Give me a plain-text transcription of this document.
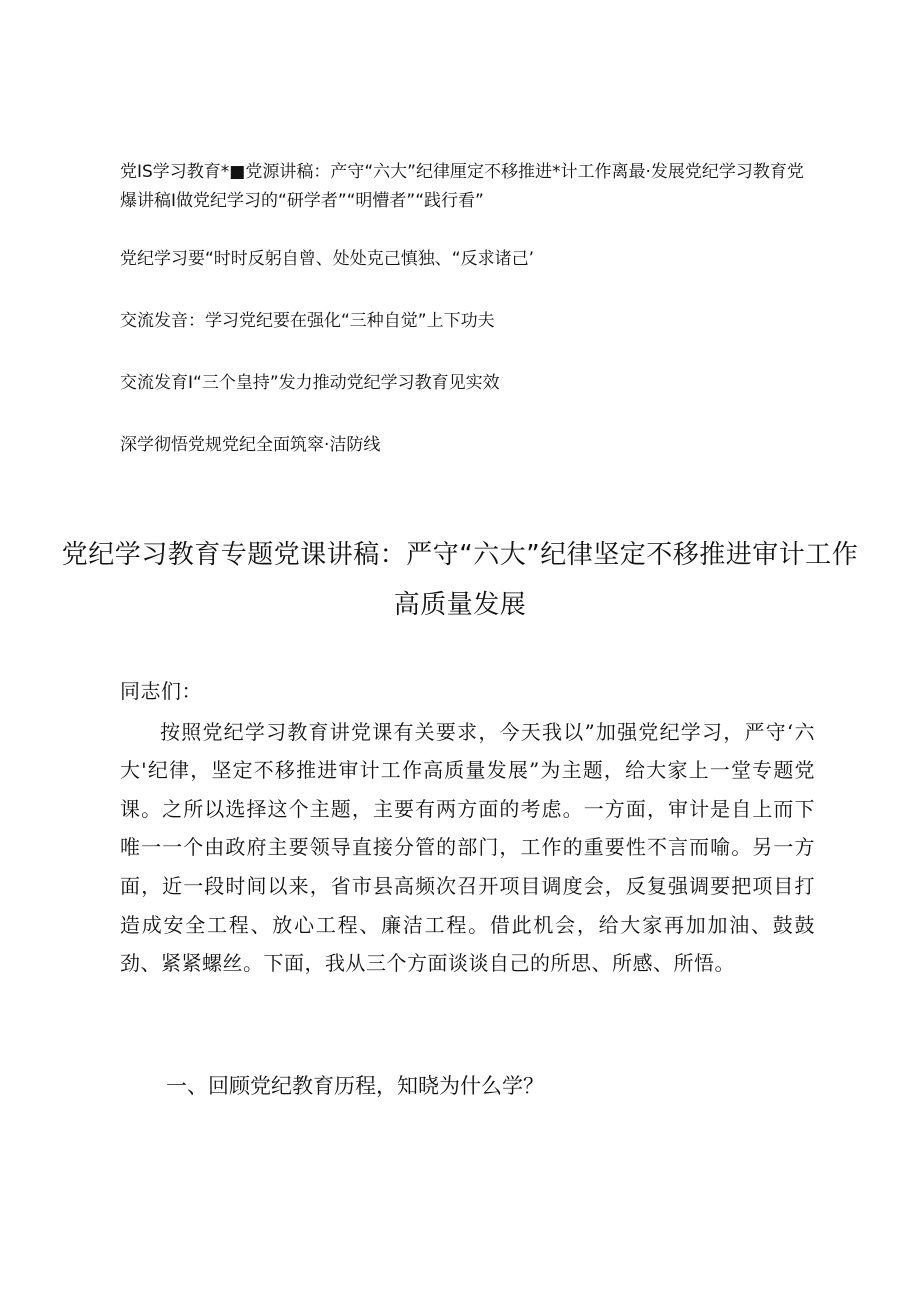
党IS学习教育*■党源讲稿：产守“六大”纪律厘定不移推进*计工作离最·发展党纪学习教育党爆讲稿I做党纪学习的“研学者”“明懵者”“践行看”
党纪学习要“时时反躬自曾、处处克己慎独、“反求诸己’
交流发音：学习党纪要在强化“三种自觉”上下功夫
交流发育I“三个皇持”发力推动党纪学习教育见实效
深学彻悟党规党纪全面筑窣·洁防线
党纪学习教育专题党课讲稿：严守“六大”纪律坚定不移推进审计工作高质量发展

同志们：

按照党纪学习教育讲党课有关要求，今天我以”加强党纪学习，严守‘六大'纪律，坚定不移推进审计工作高质量发展”为主题，给大家上一堂专题党课。之所以选择这个主题，主要有两方面的考虑。一方面，审计是自上而下唯一一个由政府主要领导直接分管的部门，工作的重要性不言而喻。另一方面，近一段时间以来，省市县高频次召开项目调度会，反复强调要把项目打造成安全工程、放心工程、廉洁工程。借此机会，给大家再加加油、鼓鼓劲、紧紧螺丝。下面，我从三个方面谈谈自己的所思、所感、所悟。

一、回顾党纪教育历程，知晓为什么学？
